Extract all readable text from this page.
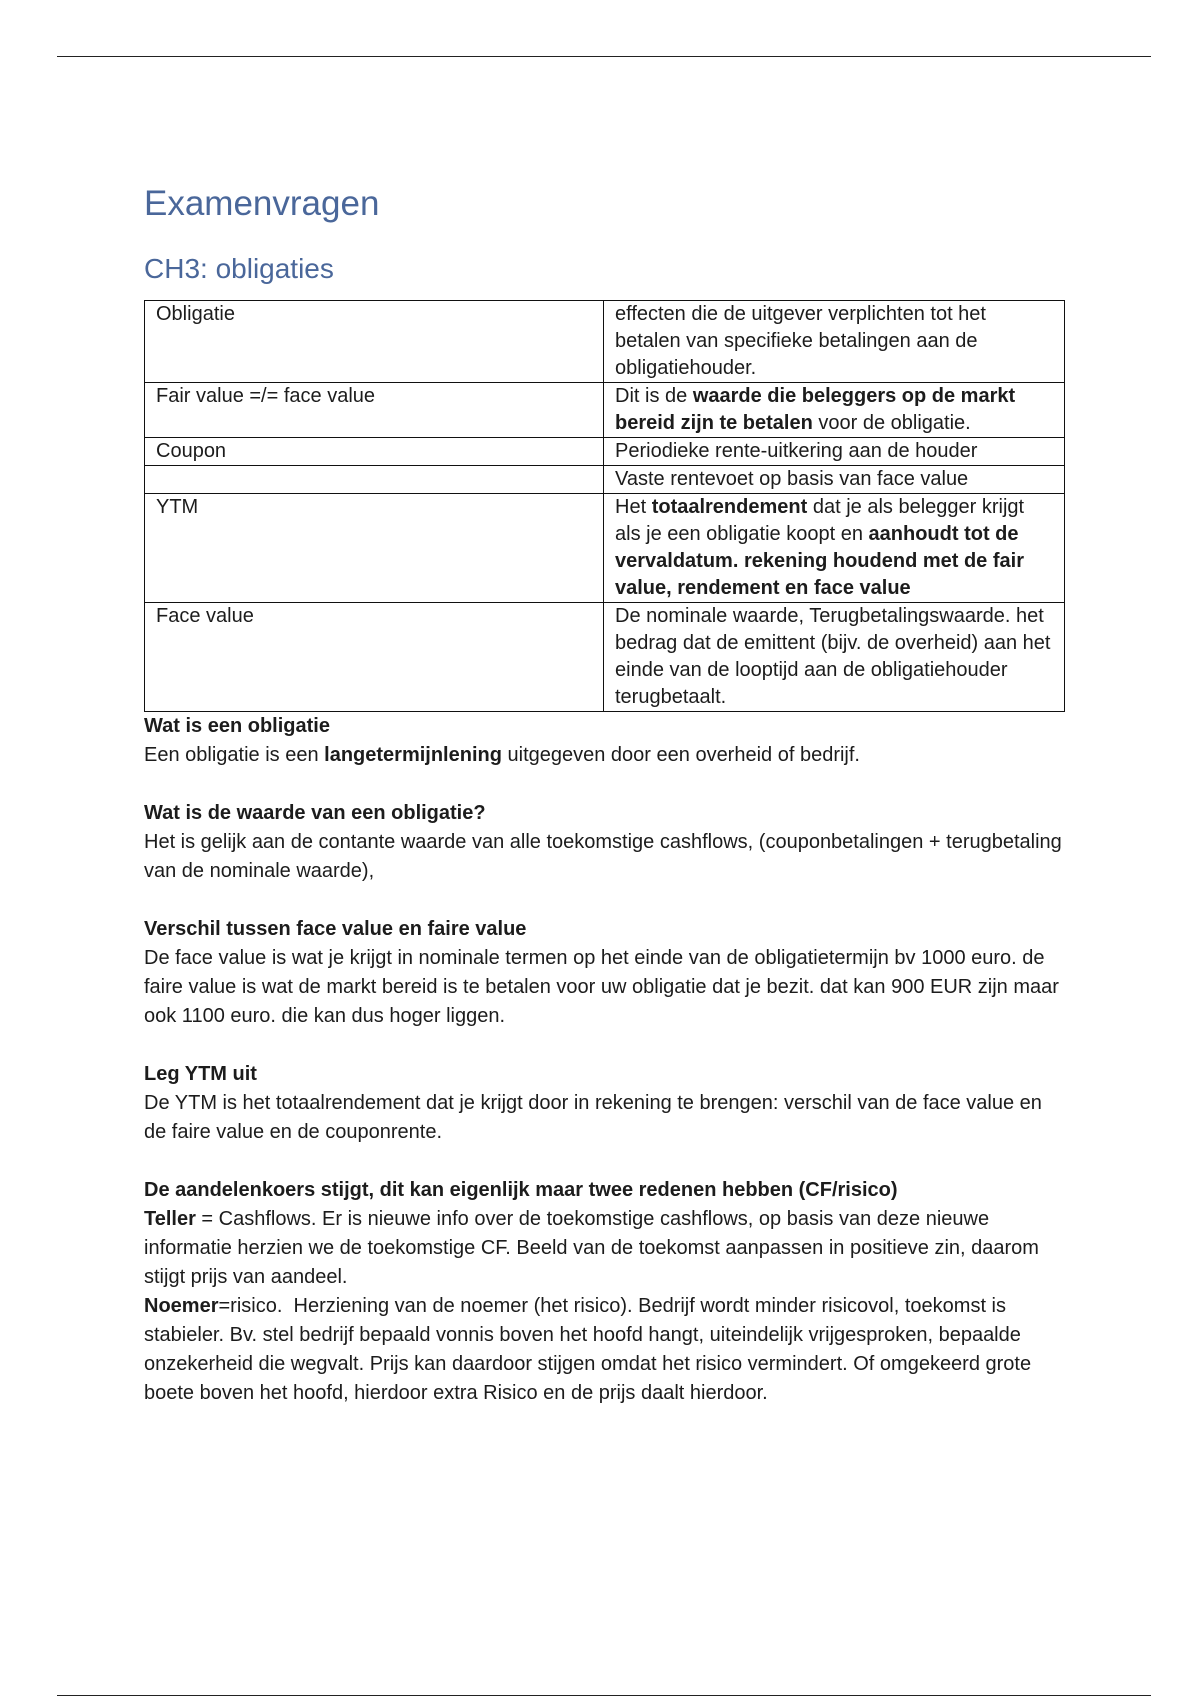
Examenvragen
CH3: obligaties
Obligatie	effecten die de uitgever verplichten tot het betalen van specifieke betalingen aan de obligatiehouder.
Fair value =/= face value	Dit is de waarde die beleggers op de markt bereid zijn te betalen voor de obligatie.
Coupon	Periodieke rente-uitkering aan de houder
	Vaste rentevoet op basis van face value
YTM	Het totaalrendement dat je als belegger krijgt als je een obligatie koopt en aanhoudt tot de vervaldatum. rekening houdend met de fair value, rendement en face value
Face value	De nominale waarde, Terugbetalingswaarde. het bedrag dat de emittent (bijv. de overheid) aan het einde van de looptijd aan de obligatiehouder terugbetaalt.

Wat is een obligatie

Een obligatie is een langetermijnlening uitgegeven door een overheid of bedrijf.

Wat is de waarde van een obligatie?

Het is gelijk aan de contante waarde van alle toekomstige cashflows, (couponbetalingen + terugbetaling van de nominale waarde),

Verschil tussen face value en faire value

De face value is wat je krijgt in nominale termen op het einde van de obligatietermijn bv 1000 euro. de faire value is wat de markt bereid is te betalen voor uw obligatie dat je bezit. dat kan 900 EUR zijn maar ook 1100 euro. die kan dus hoger liggen.

Leg YTM uit

De YTM is het totaalrendement dat je krijgt door in rekening te brengen: verschil van de face value en de faire value en de couponrente.

De aandelenkoers stijgt, dit kan eigenlijk maar twee redenen hebben (CF/risico)

Teller = Cashflows. Er is nieuwe info over de toekomstige cashflows, op basis van deze nieuwe informatie herzien we de toekomstige CF. Beeld van de toekomst aanpassen in positieve zin, daarom stijgt prijs van aandeel.

Noemer=risico.  Herziening van de noemer (het risico). Bedrijf wordt minder risicovol, toekomst is stabieler. Bv. stel bedrijf bepaald vonnis boven het hoofd hangt, uiteindelijk vrijgesproken, bepaalde onzekerheid die wegvalt. Prijs kan daardoor stijgen omdat het risico vermindert. Of omgekeerd grote boete boven het hoofd, hierdoor extra Risico en de prijs daalt hierdoor.
